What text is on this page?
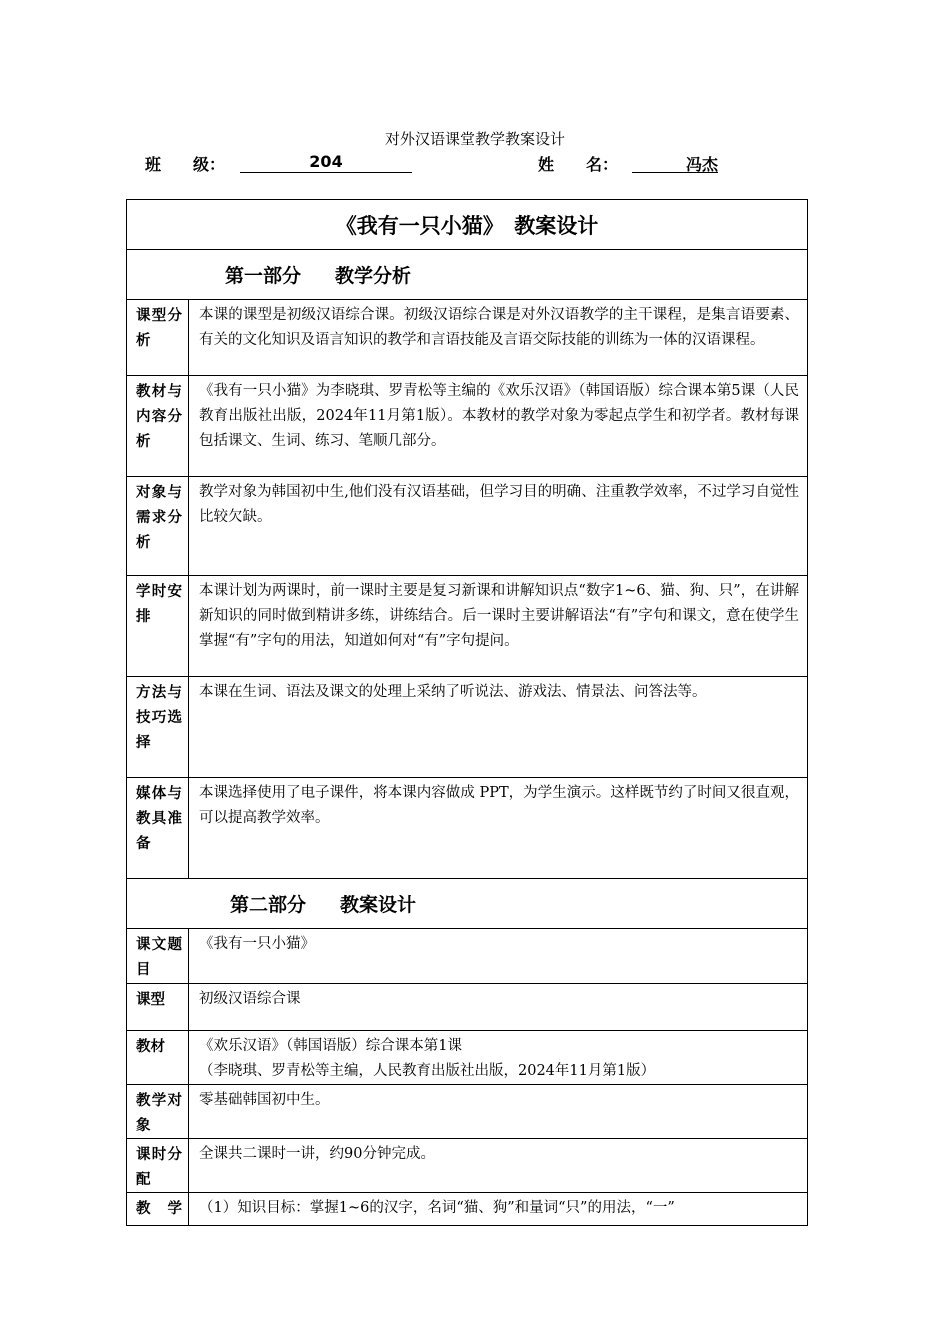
对外汉语课堂教学教案设计
班　　级：	204	姓　　名：	冯杰
《我有一只小猫》　教案设计	
第一部分 教学分析	
课型分析	本课的课型是初级汉语综合课。初级汉语综合课是对外汉语教学的主干课程，是集言语要素、有关的文化知识及语言知识的教学和言语技能及言语交际技能的训练为一体的汉语课程。
教材与内容分析	《我有一只小猫》为李晓琪、罗青松等主编的《欢乐汉语》（韩国语版）综合课本第5课（人民教育出版社出版，2024年11月第1版）。本教材的教学对象为零起点学生和初学者。教材每课包括课文、生词、练习、笔顺几部分。
对象与需求分析	教学对象为韩国初中生,他们没有汉语基础，但学习目的明确、注重教学效率，不过学习自觉性比较欠缺。
学时安排	本课计划为两课时，前一课时主要是复习新课和讲解知识点“数字1~6、猫、狗、只”，在讲解新知识的同时做到精讲多练，讲练结合。后一课时主要讲解语法“有”字句和课文，意在使学生掌握“有”字句的用法，知道如何对“有”字句提问。
方法与技巧选择	本课在生词、语法及课文的处理上采纳了听说法、游戏法、情景法、问答法等。
媒体与教具准备	本课选择使用了电子课件，将本课内容做成 PPT，为学生演示。这样既节约了时间又很直观，可以提高教学效率。
第二部分 教案设计	
课文题目	《我有一只小猫》
课型	初级汉语综合课
教材	《欢乐汉语》（韩国语版）综合课本第1课
（李晓琪、罗青松等主编，人民教育出版社出版，2024年11月第1版）

教学对象	零基础韩国初中生。
课时分配	全课共二课时一讲，约90分钟完成。
教学	（1）知识目标：掌握1~6的汉字，名词“猫、狗”和量词“只”的用法，“一”
